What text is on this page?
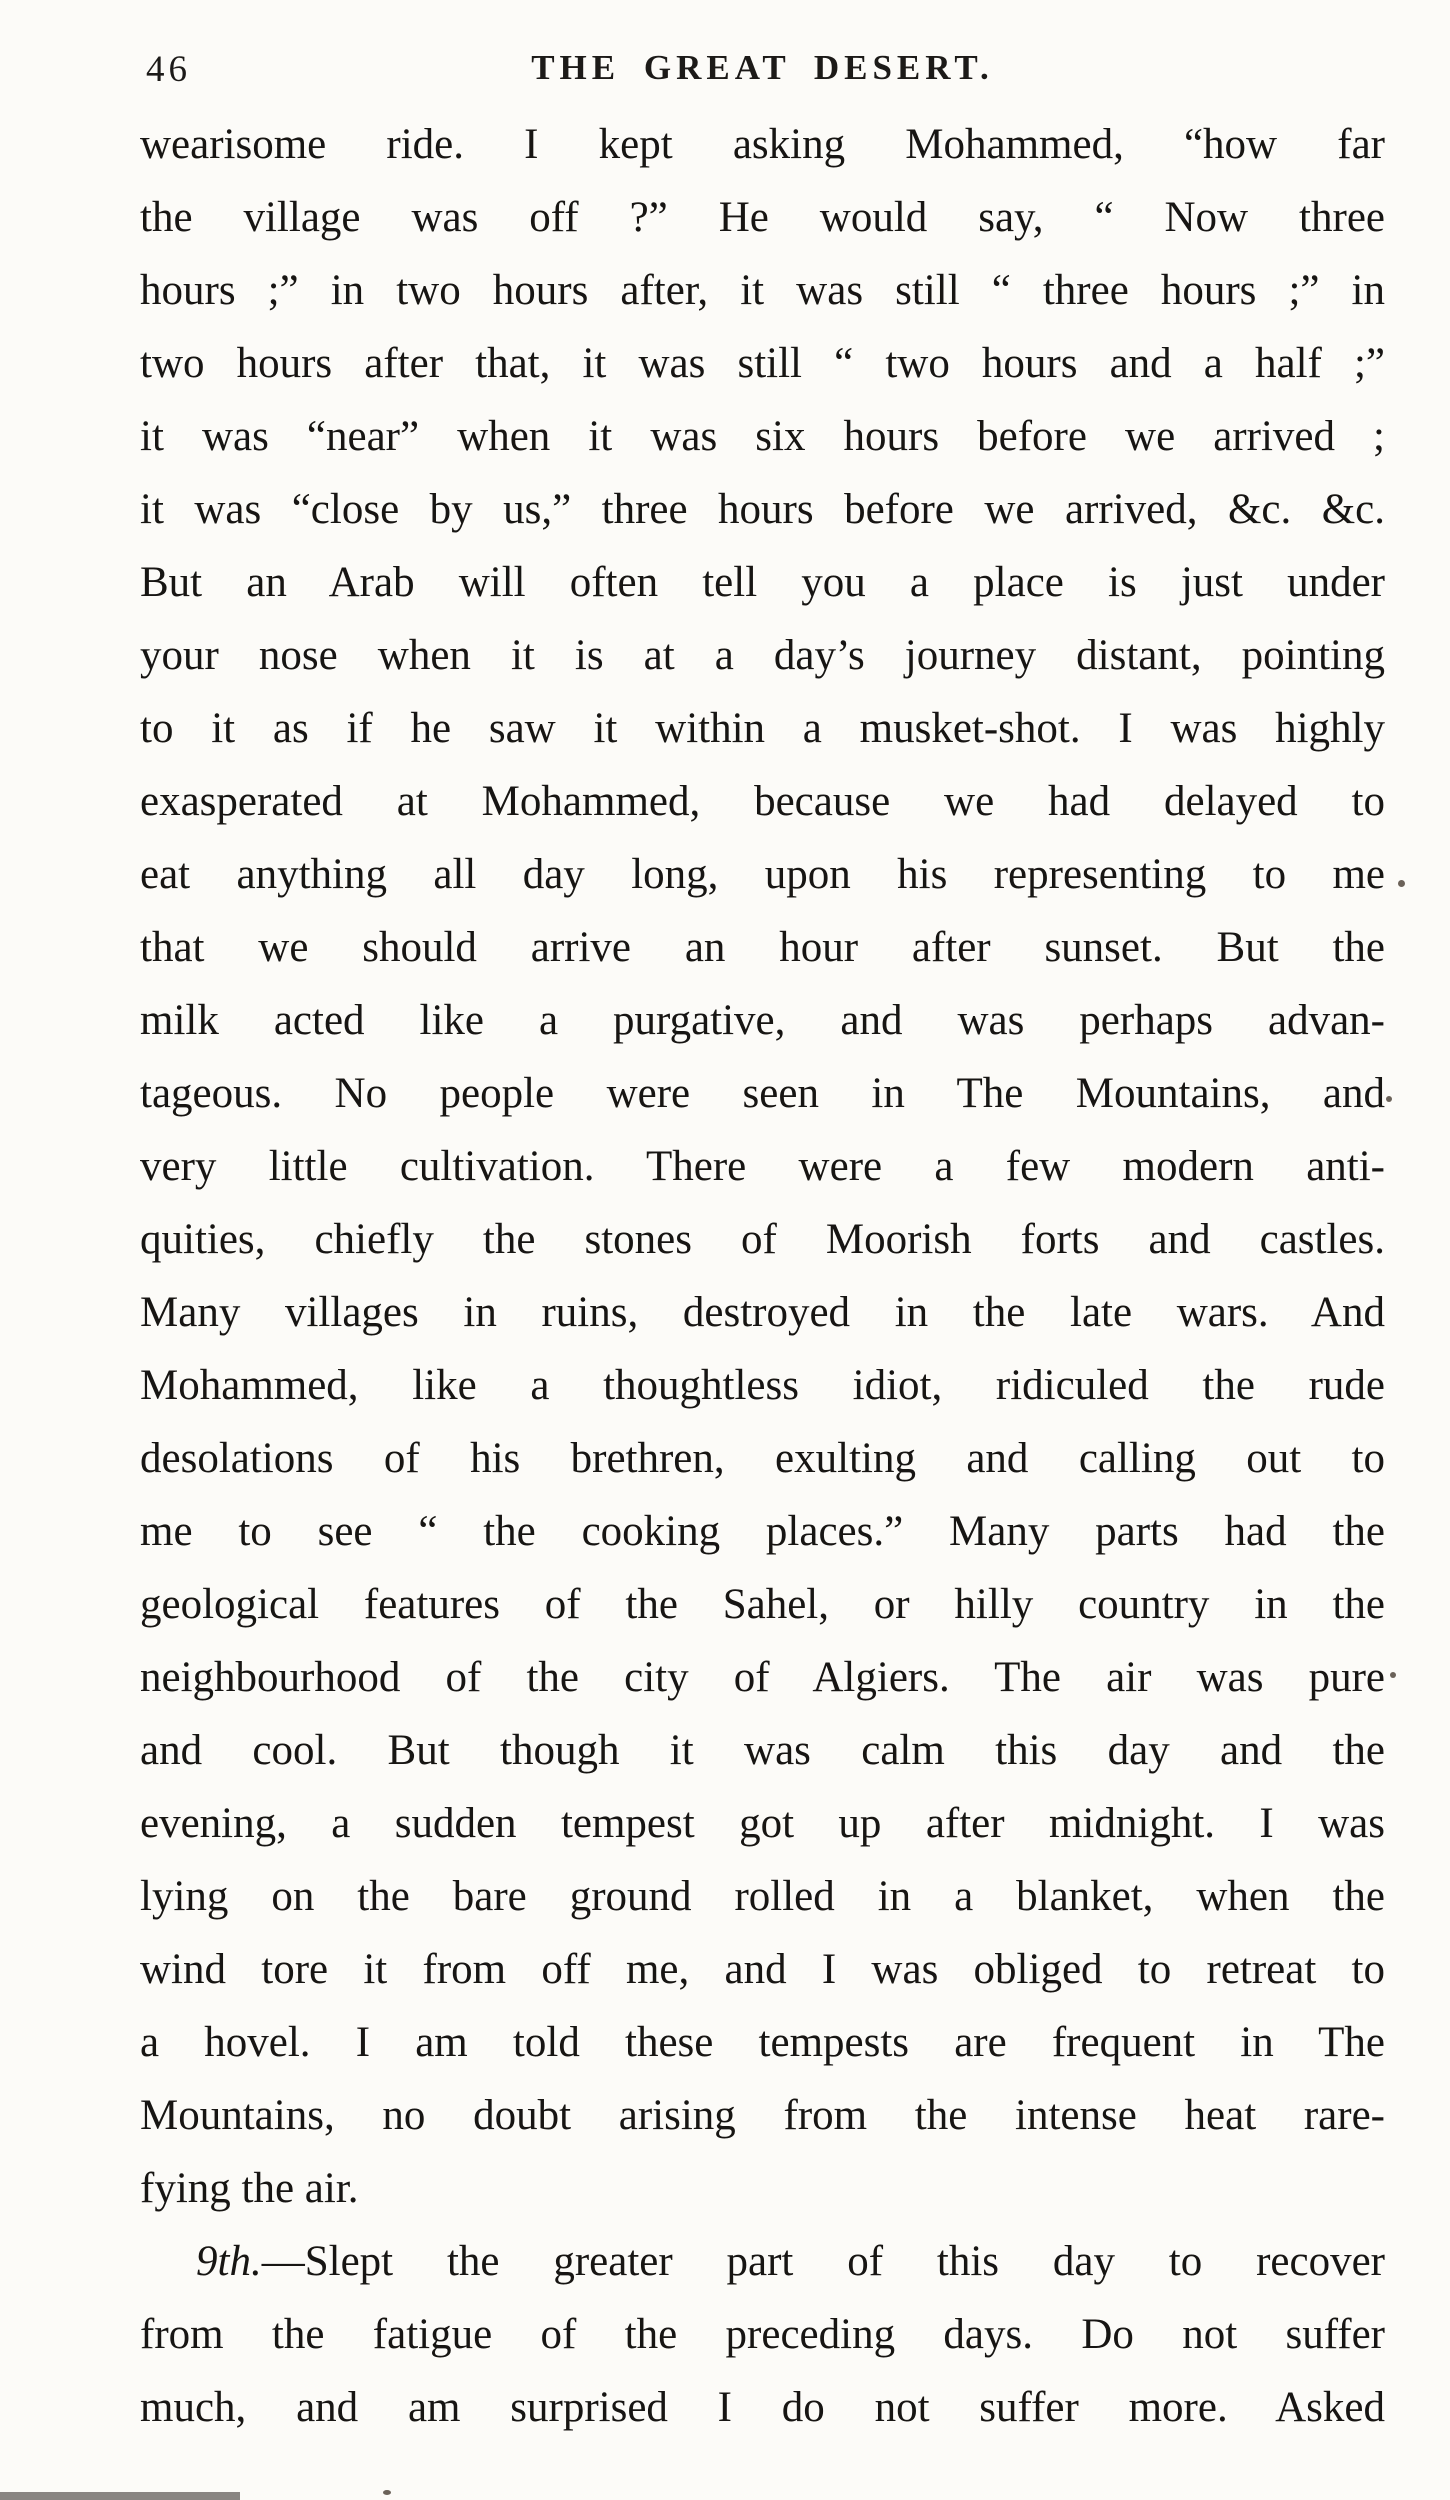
46	THE GREAT DESERT.
wearisome ride. I kept asking Mohammed, “how far
the village was off ?” He would say, “ Now three
hours ;” in two hours after, it was still “ three hours ;” in
two hours after that, it was still “ two hours and a half ;”
it was “near” when it was six hours before we arrived ;
it was “close by us,” three hours before we arrived, &c. &c.
But an Arab will often tell you a place is just under
your nose when it is at a day’s journey distant, pointing
to it as if he saw it within a musket-shot. I was highly
exasperated at Mohammed, because we had delayed to
eat anything all day long, upon his representing to me
that we should arrive an hour after sunset. But the
milk acted like a purgative, and was perhaps advan-
tageous. No people were seen in The Mountains, and
very little cultivation. There were a few modern anti-
quities, chiefly the stones of Moorish forts and castles.
Many villages in ruins, destroyed in the late wars. And
Mohammed, like a thoughtless idiot, ridiculed the rude
desolations of his brethren, exulting and calling out to
me to see “ the cooking places.” Many parts had the
geological features of the Sahel, or hilly country in the
neighbourhood of the city of Algiers. The air was pure
and cool. But though it was calm this day and the
evening, a sudden tempest got up after midnight. I was
lying on the bare ground rolled in a blanket, when the
wind tore it from off me, and I was obliged to retreat to
a hovel. I am told these tempests are frequent in The
Mountains, no doubt arising from the intense heat rare-
fying the air.
9th.—Slept the greater part of this day to recover
from the fatigue of the preceding days. Do not suffer
much, and am surprised I do not suffer more. Asked
